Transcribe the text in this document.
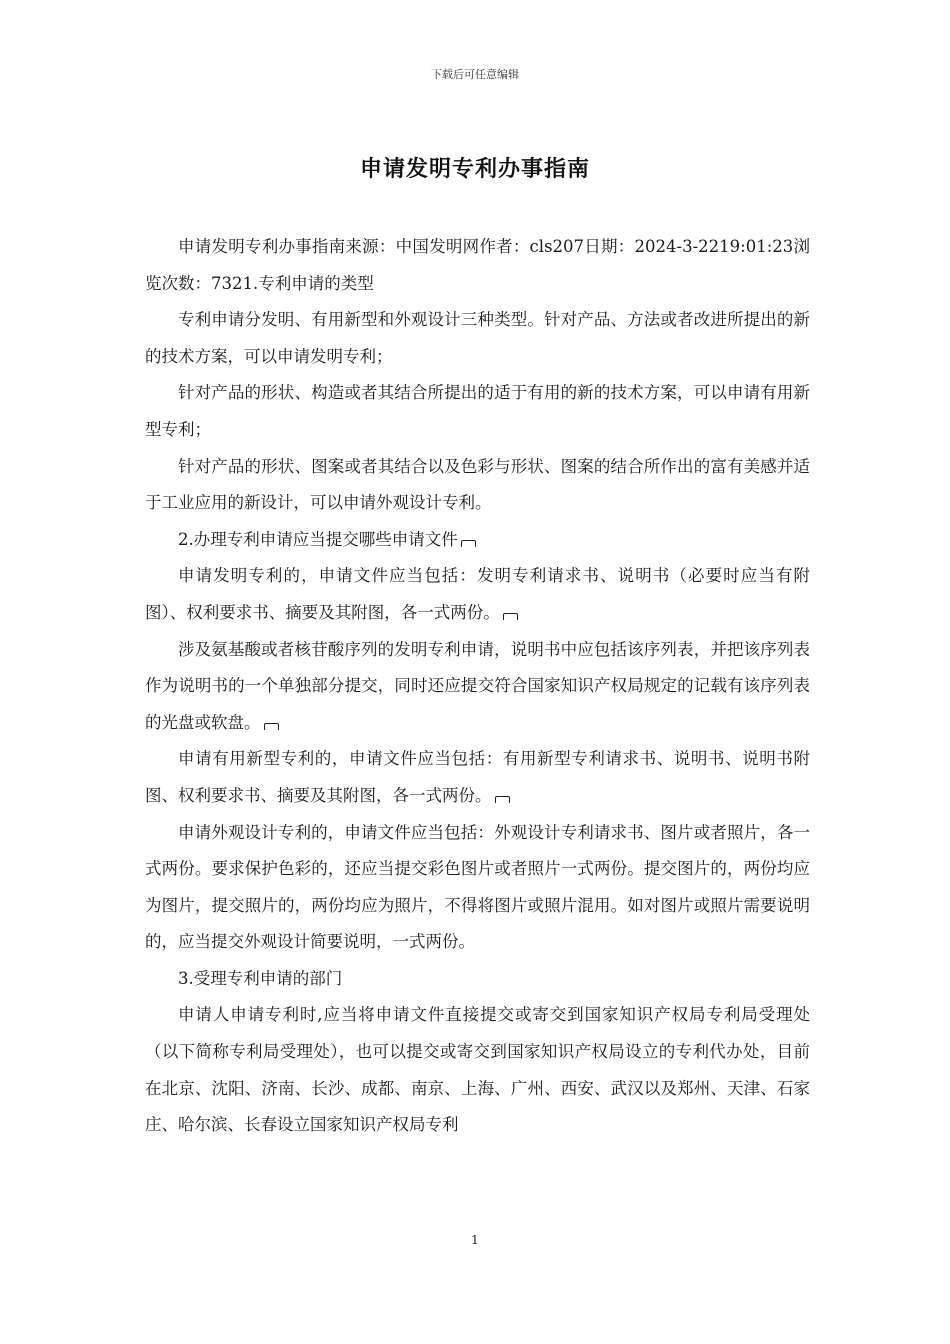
下载后可任意编辑
申请发明专利办事指南

申请发明专利办事指南来源：中国发明网作者：cls207日期：2024-3-2219:01:23浏览次数：7321.专利申请的类型

专利申请分发明、有用新型和外观设计三种类型。针对产品、方法或者改进所提出的新的技术方案，可以申请发明专利；

针对产品的形状、构造或者其结合所提出的适于有用的新的技术方案，可以申请有用新型专利；

针对产品的形状、图案或者其结合以及色彩与形状、图案的结合所作出的富有美感并适于工业应用的新设计，可以申请外观设计专利。

2.办理专利申请应当提交哪些申请文件

申请发明专利的，申请文件应当包括：发明专利请求书、说明书（必要时应当有附图）、权利要求书、摘要及其附图，各一式两份。

涉及氨基酸或者核苷酸序列的发明专利申请，说明书中应包括该序列表，并把该序列表作为说明书的一个单独部分提交，同时还应提交符合国家知识产权局规定的记载有该序列表的光盘或软盘。

申请有用新型专利的，申请文件应当包括：有用新型专利请求书、说明书、说明书附图、权利要求书、摘要及其附图，各一式两份。

申请外观设计专利的，申请文件应当包括：外观设计专利请求书、图片或者照片，各一式两份。要求保护色彩的，还应当提交彩色图片或者照片一式两份。提交图片的，两份均应为图片，提交照片的，两份均应为照片，不得将图片或照片混用。如对图片或照片需要说明的，应当提交外观设计简要说明，一式两份。

3.受理专利申请的部门

申请人申请专利时,应当将申请文件直接提交或寄交到国家知识产权局专利局受理处（以下简称专利局受理处），也可以提交或寄交到国家知识产权局设立的专利代办处，目前在北京、沈阳、济南、长沙、成都、南京、上海、广州、西安、武汉以及郑州、天津、石家庄、哈尔滨、长春设立国家知识产权局专利

1
